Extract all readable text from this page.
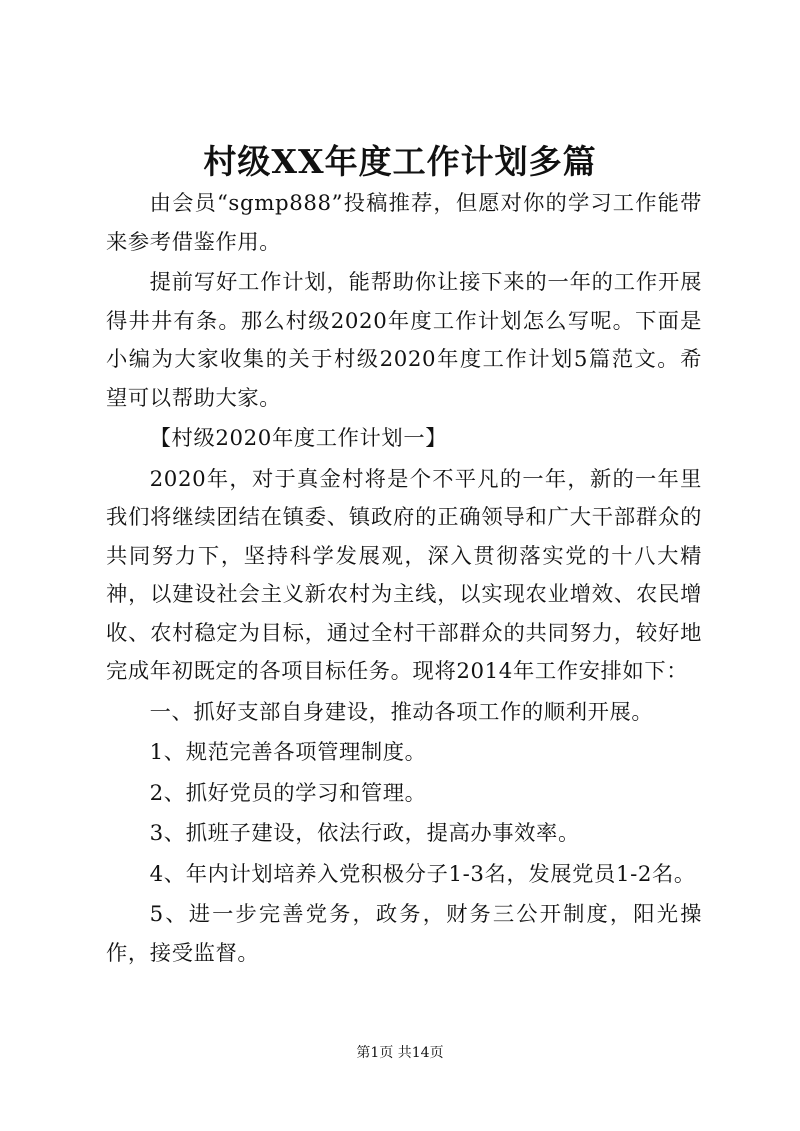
村级XX年度工作计划多篇

由会员“sgmp888”投稿推荐，但愿对你的学习工作能带来参考借鉴作用。

提前写好工作计划，能帮助你让接下来的一年的工作开展得井井有条。那么村级2020年度工作计划怎么写呢。下面是小编为大家收集的关于村级2020年度工作计划5篇范文。希望可以帮助大家。

【村级2020年度工作计划一】

2020年，对于真金村将是个不平凡的一年，新的一年里我们将继续团结在镇委、镇政府的正确领导和广大干部群众的共同努力下，坚持科学发展观，深入贯彻落实党的十八大精神，以建设社会主义新农村为主线，以实现农业增效、农民增收、农村稳定为目标，通过全村干部群众的共同努力，较好地完成年初既定的各项目标任务。现将2014年工作安排如下：

一、抓好支部自身建设，推动各项工作的顺利开展。

1、规范完善各项管理制度。

2、抓好党员的学习和管理。

3、抓班子建设，依法行政，提高办事效率。

4、年内计划培养入党积极分子1-3名，发展党员1-2名。

5、进一步完善党务，政务，财务三公开制度，阳光操作，接受监督。

第1页 共14页
